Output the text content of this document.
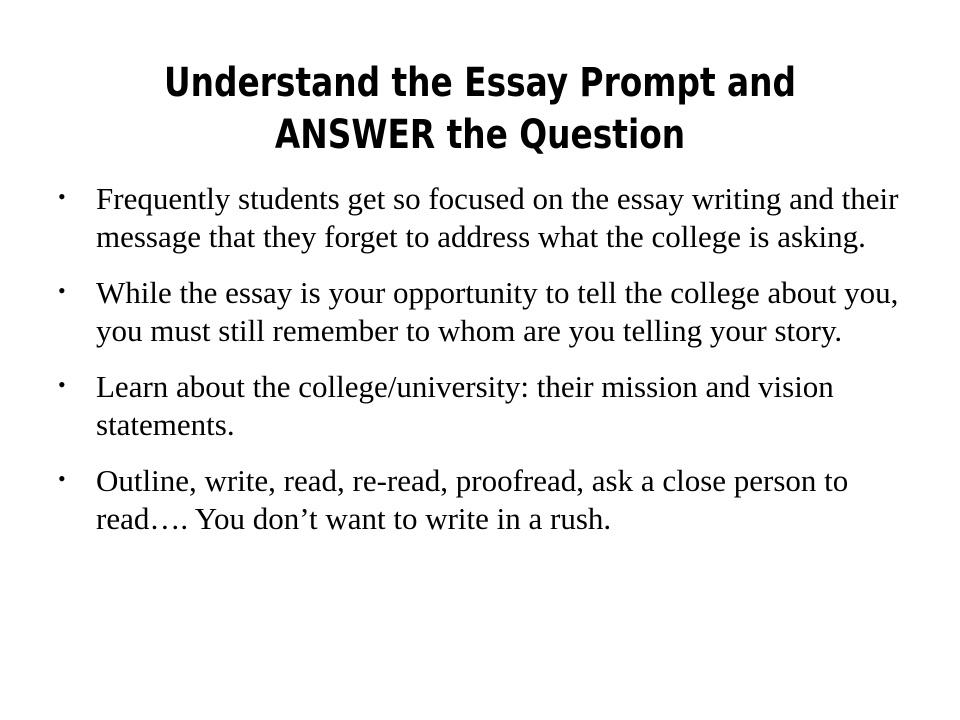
Understand the Essay Prompt and
ANSWER the Question
• Frequently students get so focused on the essay writing and their message that they forget to address what the college is asking.
• While the essay is your opportunity to tell the college about you, you must still remember to whom are you telling your story.
• Learn about the college/university: their mission and vision statements.
• Outline, write, read, re-read, proofread, ask a close person to read…. You don’t want to write in a rush.
